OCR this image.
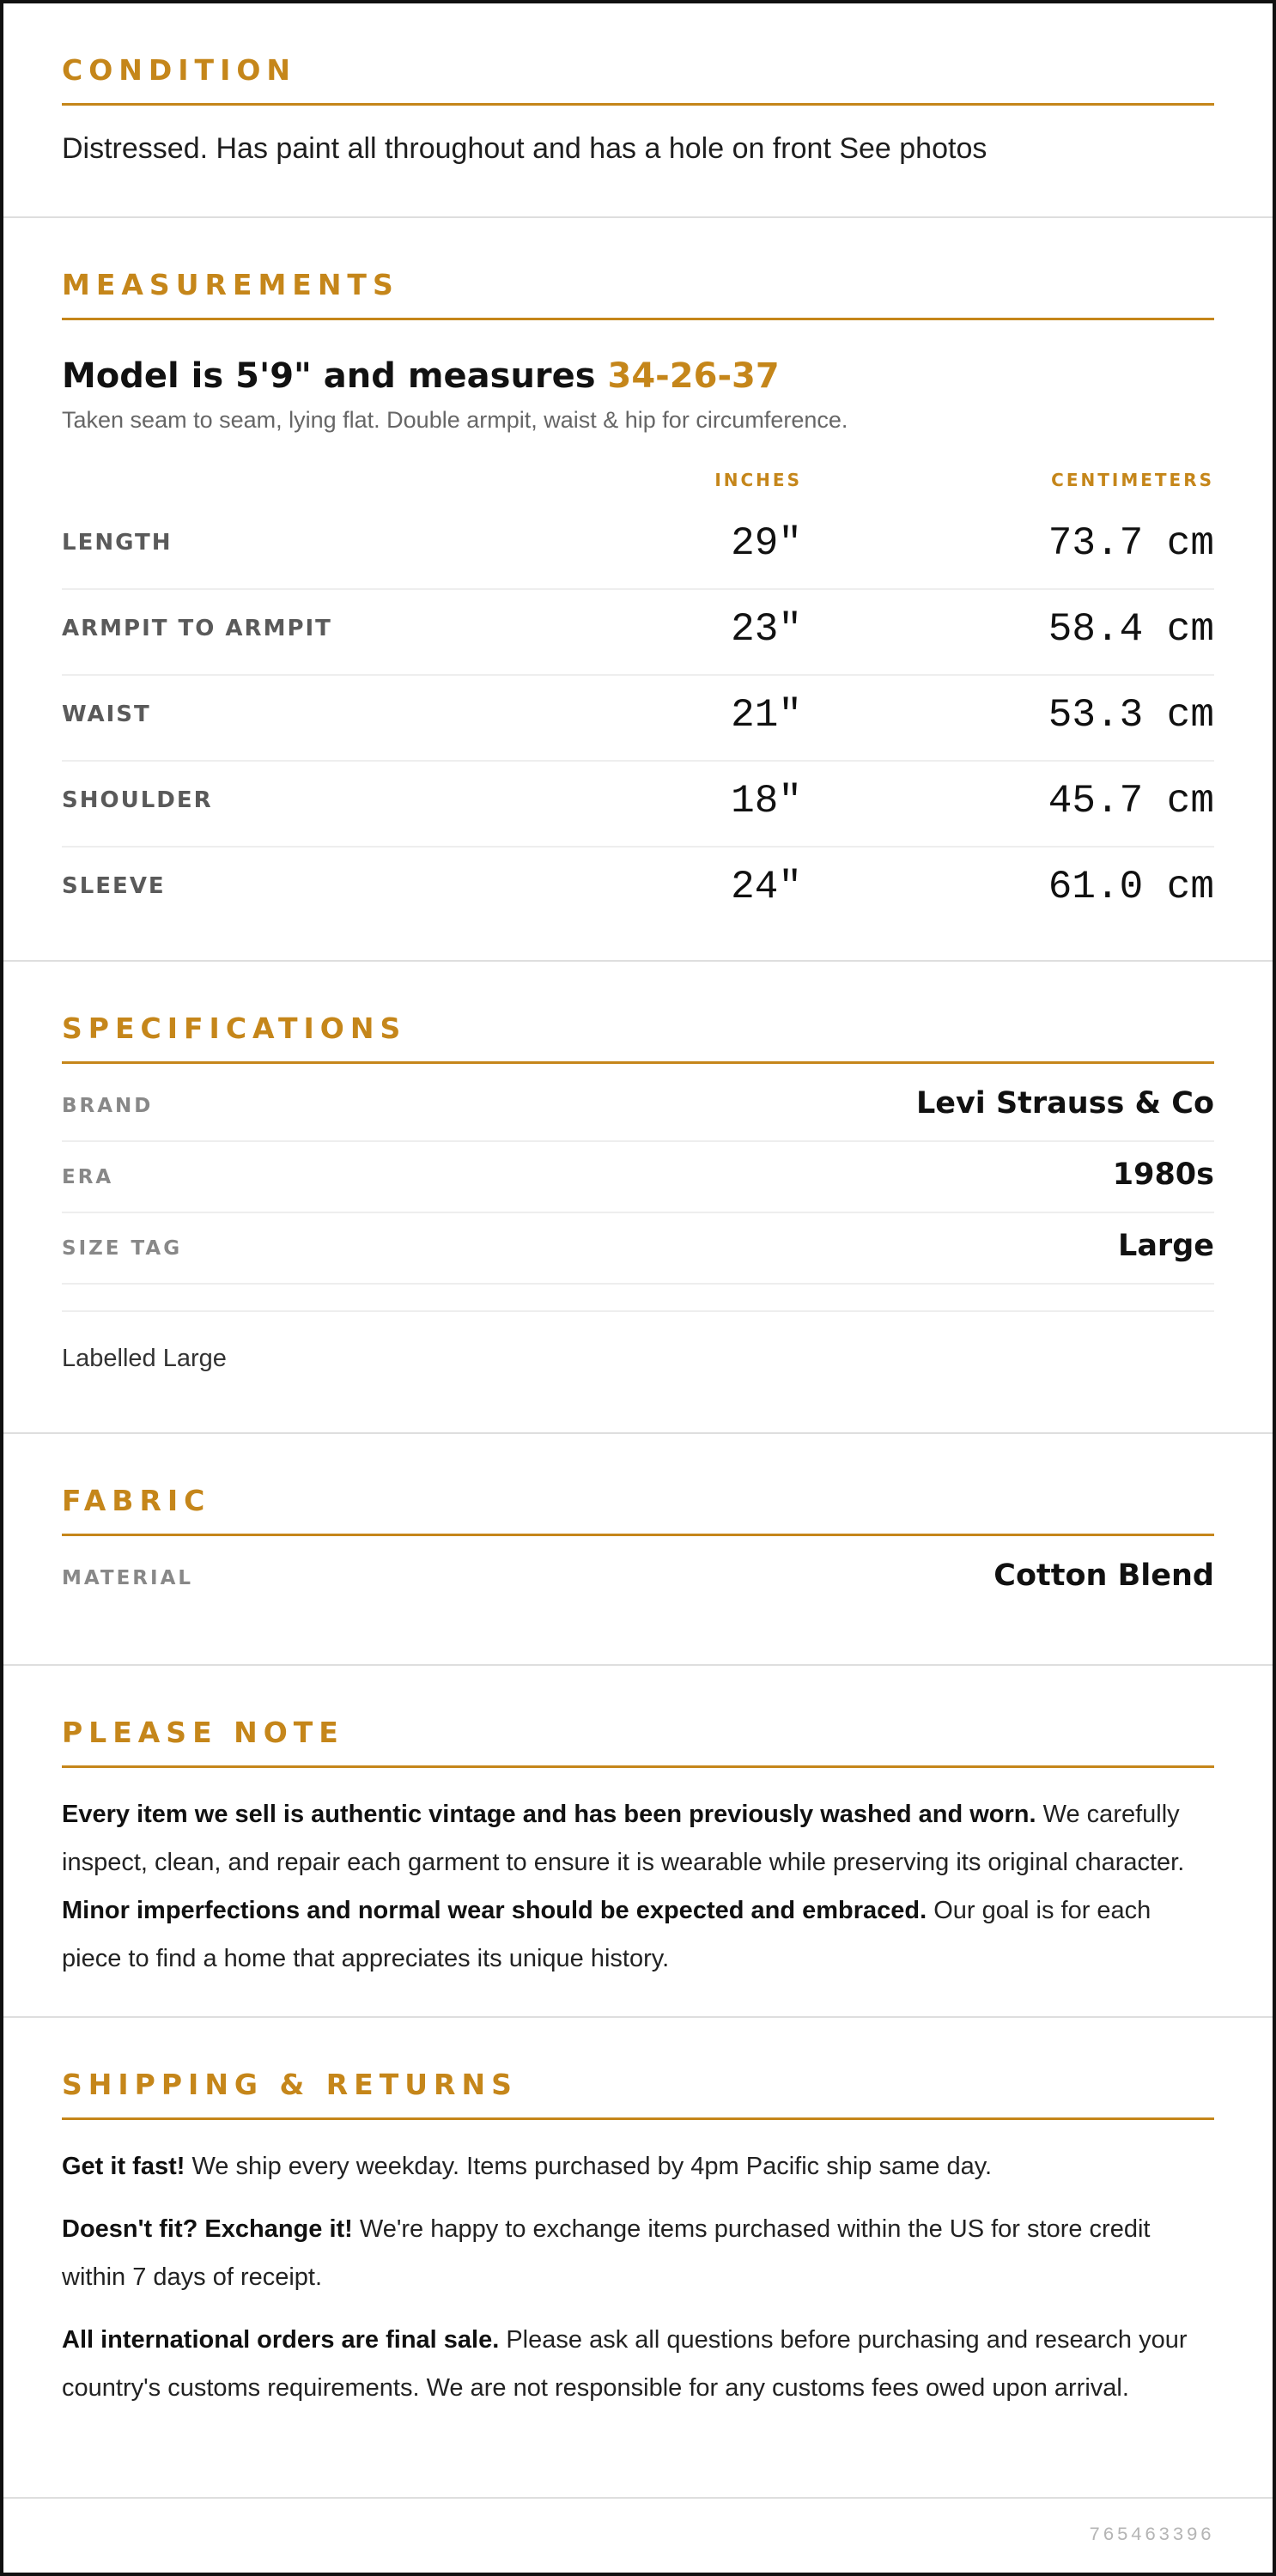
CONDITION
Distressed. Has paint all throughout and has a hole on front See photos
MEASUREMENTS
Model is 5'9" and measures 34-26-37
Taken seam to seam, lying flat. Double armpit, waist & hip for circumference.
INCHES	CENTIMETERS
LENGTH	29"	73.7 cm
ARMPIT TO ARMPIT	23"	58.4 cm
WAIST	21"	53.3 cm
SHOULDER	18"	45.7 cm
SLEEVE	24"	61.0 cm
SPECIFICATIONS
BRAND	Levi Strauss & Co
ERA	1980s
SIZE TAG	Large
Labelled Large
FABRIC
MATERIAL	Cotton Blend
PLEASE NOTE
Every item we sell is authentic vintage and has been previously washed and worn. We carefully inspect, clean, and repair each garment to ensure it is wearable while preserving its original character. Minor imperfections and normal wear should be expected and embraced. Our goal is for each piece to find a home that appreciates its unique history.
SHIPPING & RETURNS
Get it fast! We ship every weekday. Items purchased by 4pm Pacific ship same day.
Doesn't fit? Exchange it! We're happy to exchange items purchased within the US for store credit within 7 days of receipt.
All international orders are final sale. Please ask all questions before purchasing and research your country's customs requirements. We are not responsible for any customs fees owed upon arrival.
765463396
